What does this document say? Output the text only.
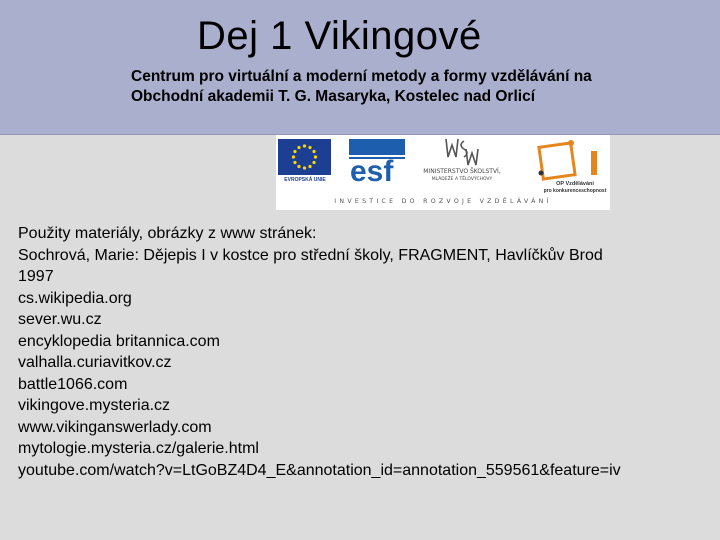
Dej 1 Vikingové
Centrum pro virtuální a moderní metody a formy vzdělávání na
Obchodní akademii T. G. Masaryka, Kostelec nad Orlicí
EVROPSKÁ UNIE esf	MINISTERSTVO ŠKOLSTVÍ,
MLÁDEŽE A TĚLOVÝCHOVY
OP Vzdělávání
pro konkurenceschopnost
INVESTICE DO ROZVOJE VZDĚLÁVÁNÍ
Použity materiály, obrázky z www stránek:
Sochrová, Marie: Dějepis I v kostce pro střední školy, FRAGMENT, Havlíčkův Brod
1997
cs.wikipedia.org
sever.wu.cz
encyklopedia britannica.com
valhalla.curiavitkov.cz
battle1066.com
vikingove.mysteria.cz
www.vikinganswerlady.com
mytologie.mysteria.cz/galerie.html
youtube.com/watch?v=LtGoBZ4D4_E&annotation_id=annotation_559561&feature=iv
